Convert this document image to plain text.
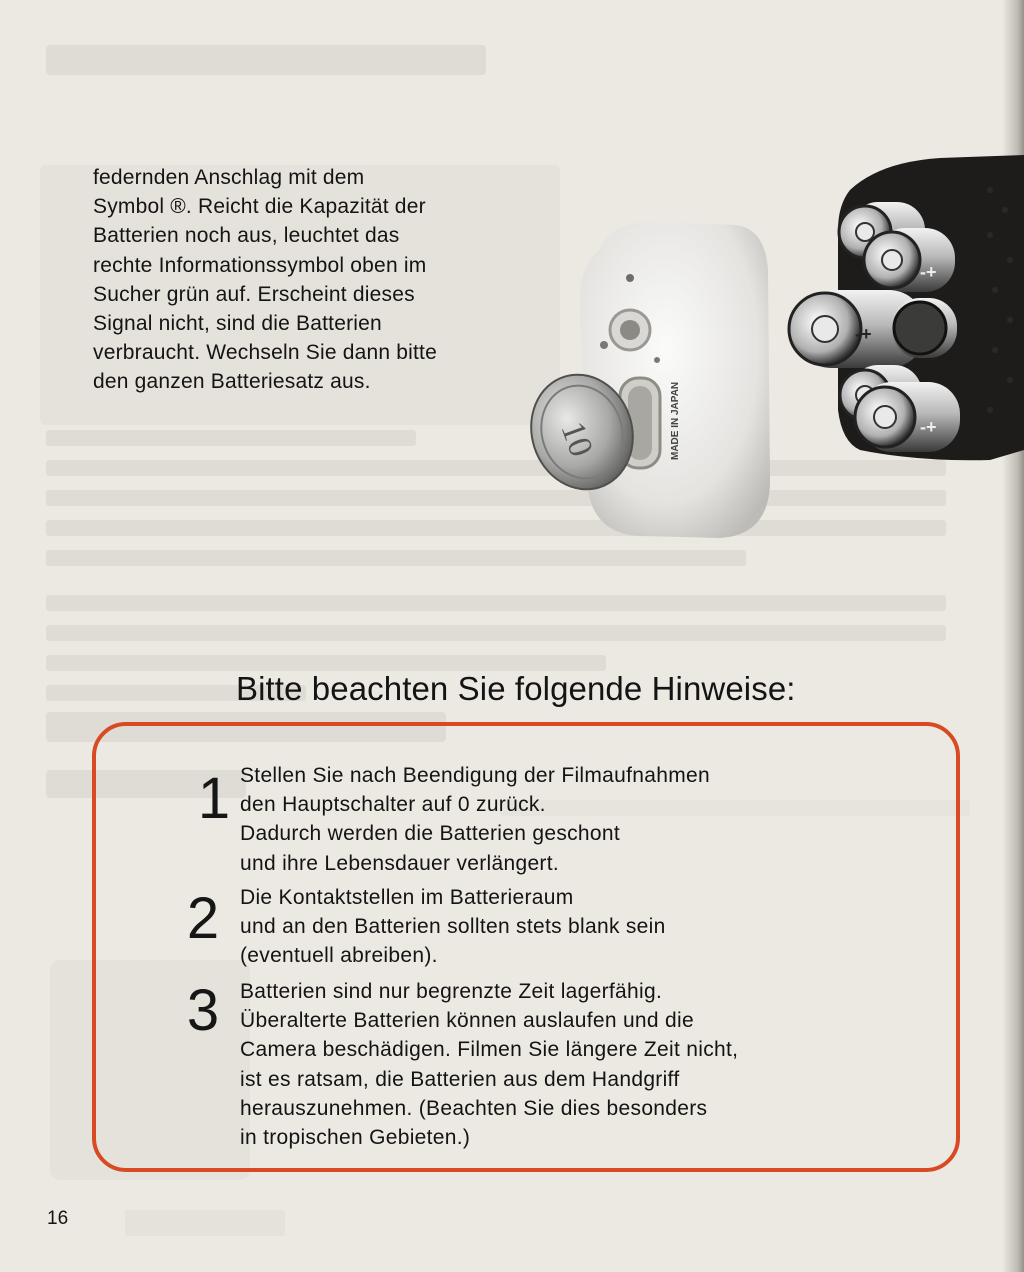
federnden Anschlag mit dem

Symbol ®. Reicht die Kapazität der

Batterien noch aus, leuchtet das

rechte Informationssymbol oben im

Sucher grün auf. Erscheint dieses

Signal nicht, sind die Batterien

verbraucht. Wechseln Sie dann bitte

den ganzen Batteriesatz aus.	MADE IN JAPAN
10
-+
-+
-+
Bitte beachten Sie folgende Hinweise:
1 Stellen Sie nach Beendigung der Filmaufnahmen
den Hauptschalter auf 0 zurück.
Dadurch werden die Batterien geschont
und ihre Lebensdauer verlängert.
2 Die Kontaktstellen im Batterieraum
und an den Batterien sollten stets blank sein
(eventuell abreiben).
3 Batterien sind nur begrenzte Zeit lagerfähig.
Überalterte Batterien können auslaufen und die
Camera beschädigen. Filmen Sie längere Zeit nicht,
ist es ratsam, die Batterien aus dem Handgriff
herauszunehmen. (Beachten Sie dies besonders
in tropischen Gebieten.)
16
